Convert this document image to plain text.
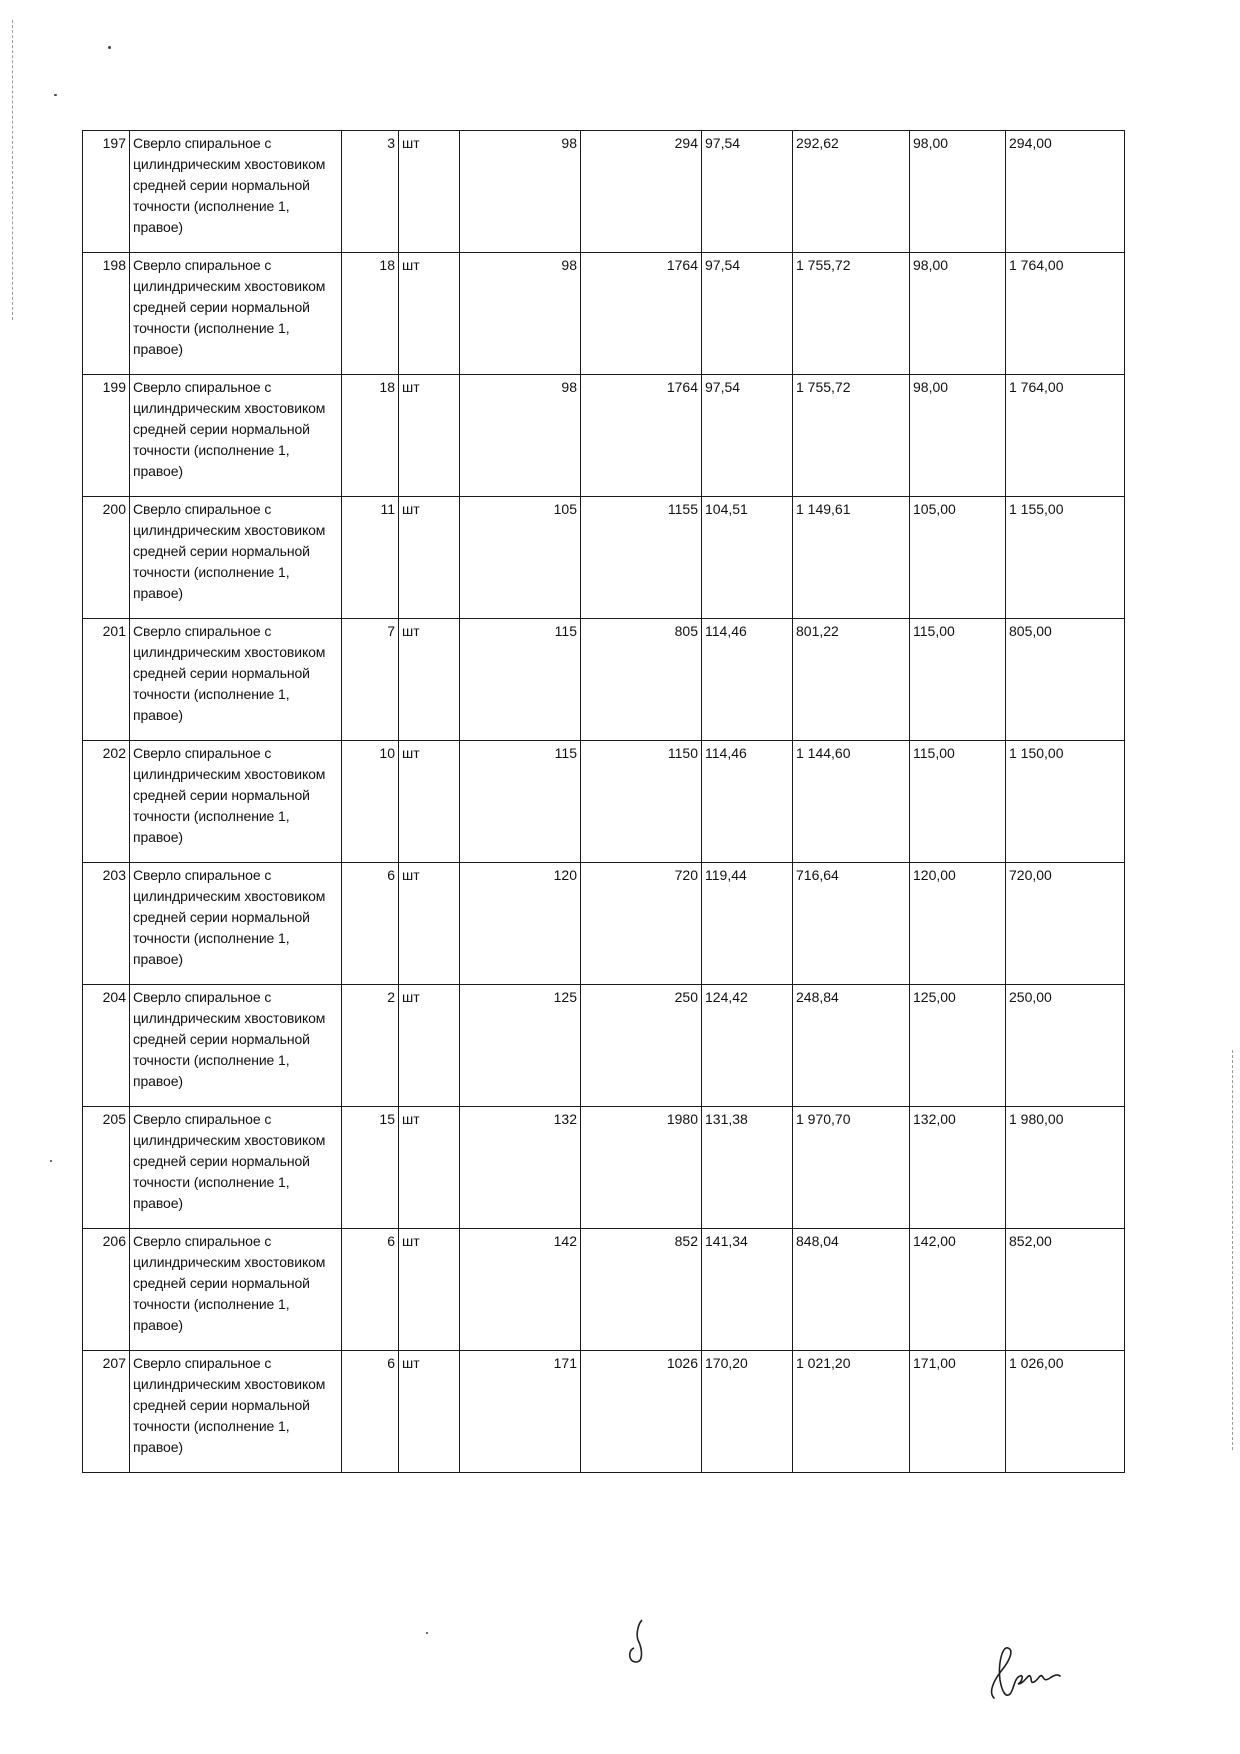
197	Сверло спиральное с цилиндрическим хвостовиком средней серии нормальной точности (исполнение 1, правое)	3	шт	98	294	97,54	292,62	98,00	294,00
198	Сверло спиральное с цилиндрическим хвостовиком средней серии нормальной точности (исполнение 1, правое)	18	шт	98	1764	97,54	1 755,72	98,00	1 764,00
199	Сверло спиральное с цилиндрическим хвостовиком средней серии нормальной точности (исполнение 1, правое)	18	шт	98	1764	97,54	1 755,72	98,00	1 764,00
200	Сверло спиральное с цилиндрическим хвостовиком средней серии нормальной точности (исполнение 1, правое)	11	шт	105	1155	104,51	1 149,61	105,00	1 155,00
201	Сверло спиральное с цилиндрическим хвостовиком средней серии нормальной точности (исполнение 1, правое)	7	шт	115	805	114,46	801,22	115,00	805,00
202	Сверло спиральное с цилиндрическим хвостовиком средней серии нормальной точности (исполнение 1, правое)	10	шт	115	1150	114,46	1 144,60	115,00	1 150,00
203	Сверло спиральное с цилиндрическим хвостовиком средней серии нормальной точности (исполнение 1, правое)	6	шт	120	720	119,44	716,64	120,00	720,00
204	Сверло спиральное с цилиндрическим хвостовиком средней серии нормальной точности (исполнение 1, правое)	2	шт	125	250	124,42	248,84	125,00	250,00
205	Сверло спиральное с цилиндрическим хвостовиком средней серии нормальной точности (исполнение 1, правое)	15	шт	132	1980	131,38	1 970,70	132,00	1 980,00
206	Сверло спиральное с цилиндрическим хвостовиком средней серии нормальной точности (исполнение 1, правое)	6	шт	142	852	141,34	848,04	142,00	852,00
207	Сверло спиральное с цилиндрическим хвостовиком средней серии нормальной точности (исполнение 1, правое)	6	шт	171	1026	170,20	1 021,20	171,00	1 026,00
